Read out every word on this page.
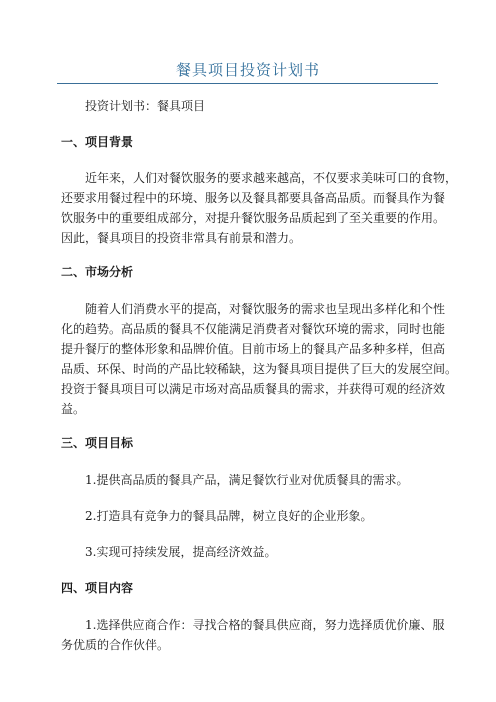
餐具项目投资计划书

投资计划书：餐具项目

一、项目背景

近年来，人们对餐饮服务的要求越来越高，不仅要求美味可口的食物，

还要求用餐过程中的环境、服务以及餐具都要具备高品质。而餐具作为餐

饮服务中的重要组成部分，对提升餐饮服务品质起到了至关重要的作用。

因此，餐具项目的投资非常具有前景和潜力。

二、市场分析

随着人们消费水平的提高，对餐饮服务的需求也呈现出多样化和个性

化的趋势。高品质的餐具不仅能满足消费者对餐饮环境的需求，同时也能

提升餐厅的整体形象和品牌价值。目前市场上的餐具产品多种多样，但高

品质、环保、时尚的产品比较稀缺，这为餐具项目提供了巨大的发展空间。

投资于餐具项目可以满足市场对高品质餐具的需求，并获得可观的经济效

益。

三、项目目标

1.提供高品质的餐具产品，满足餐饮行业对优质餐具的需求。

2.打造具有竞争力的餐具品牌，树立良好的企业形象。

3.实现可持续发展，提高经济效益。

四、项目内容

1.选择供应商合作：寻找合格的餐具供应商，努力选择质优价廉、服

务优质的合作伙伴。
